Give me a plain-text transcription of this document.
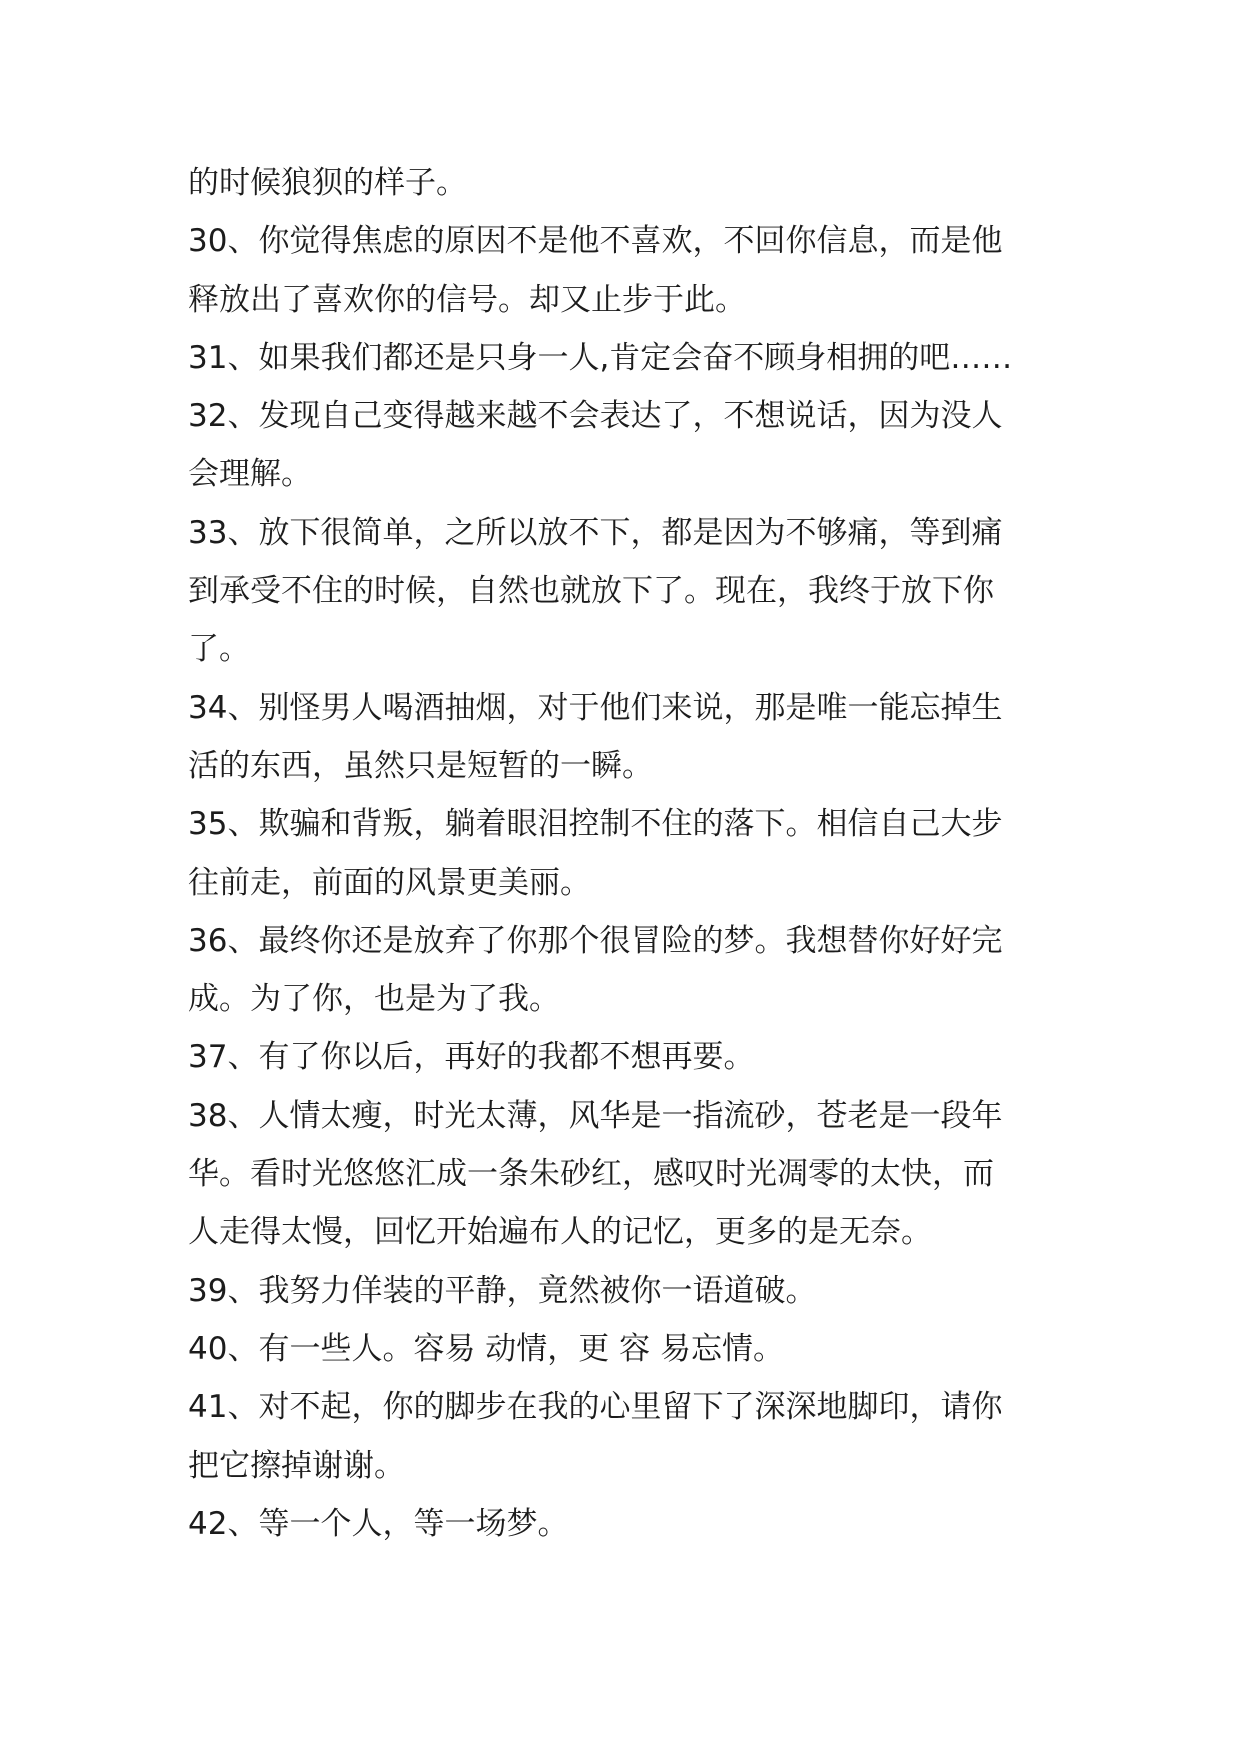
的时候狼狈的样子。
30、你觉得焦虑的原因不是他不喜欢，不回你信息，而是他
释放出了喜欢你的信号。却又止步于此。
31、如果我们都还是只身一人,肯定会奋不顾身相拥的吧……
32、发现自己变得越来越不会表达了，不想说话，因为没人
会理解。
33、放下很简单，之所以放不下，都是因为不够痛，等到痛
到承受不住的时候，自然也就放下了。现在，我终于放下你
了。
34、别怪男人喝酒抽烟，对于他们来说，那是唯一能忘掉生
活的东西，虽然只是短暂的一瞬。
35、欺骗和背叛，躺着眼泪控制不住的落下。相信自己大步
往前走，前面的风景更美丽。
36、最终你还是放弃了你那个很冒险的梦。我想替你好好完
成。为了你，也是为了我。
37、有了你以后，再好的我都不想再要。
38、人情太瘦，时光太薄，风华是一指流砂，苍老是一段年
华。看时光悠悠汇成一条朱砂红，感叹时光凋零的太快，而
人走得太慢，回忆开始遍布人的记忆，更多的是无奈。
39、我努力佯装的平静，竟然被你一语道破。
40、有一些人。容易 动情，更 容 易忘情。
41、对不起，你的脚步在我的心里留下了深深地脚印，请你
把它擦掉谢谢。
42、等一个人，等一场梦。
